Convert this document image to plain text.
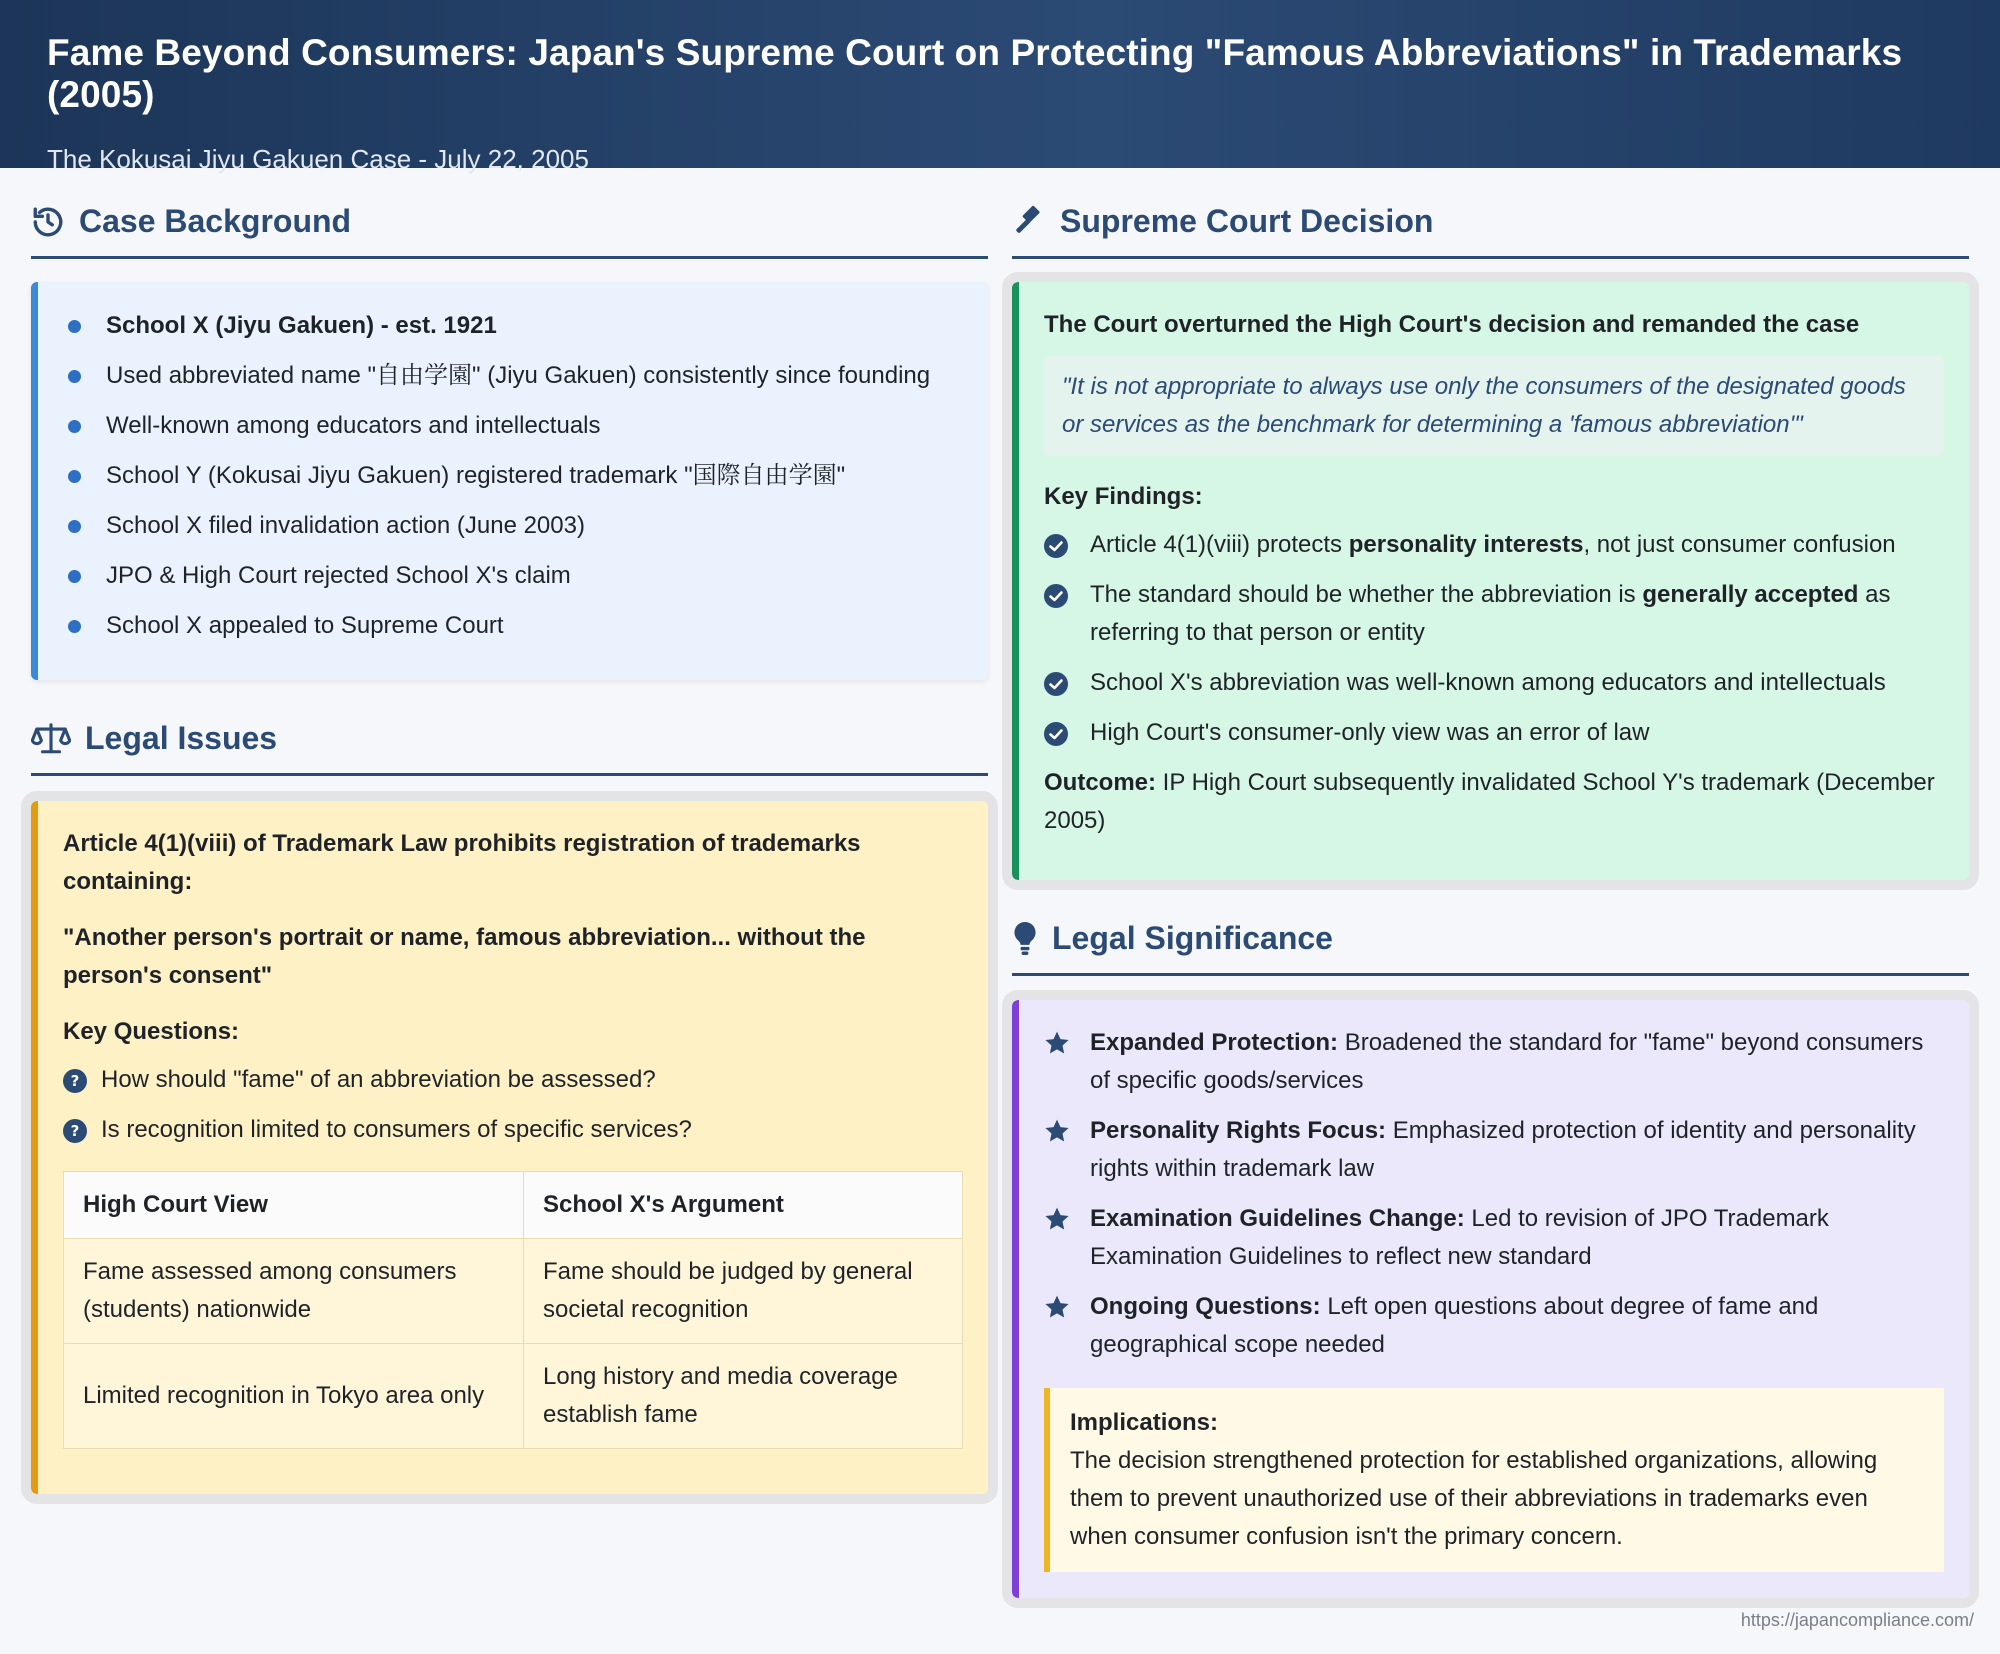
Fame Beyond Consumers: Japan's Supreme Court on Protecting "Famous Abbreviations" in Trademarks (2005)
The Kokusai Jiyu Gakuen Case - July 22, 2005
Case Background
School X (Jiyu Gakuen) - est. 1921
Used abbreviated name "自由学園" (Jiyu Gakuen) consistently since founding
Well-known among educators and intellectuals
School Y (Kokusai Jiyu Gakuen) registered trademark "国際自由学園"
School X filed invalidation action (June 2003)
JPO & High Court rejected School X's claim
School X appealed to Supreme Court
Legal Issues
Article 4(1)(viii) of Trademark Law prohibits registration of trademarks containing:
"Another person's portrait or name, famous abbreviation... without the person's consent"
Key Questions:
? How should "fame" of an abbreviation be assessed?
? Is recognition limited to consumers of specific services?
High Court View	School X's Argument
Fame assessed among consumers (students) nationwide	Fame should be judged by general societal recognition
Limited recognition in Tokyo area only	Long history and media coverage establish fame
Supreme Court Decision
The Court overturned the High Court's decision and remanded the case
"It is not appropriate to always use only the consumers of the designated goods or services as the benchmark for determining a 'famous abbreviation'"
Key Findings:
Article 4(1)(viii) protects personality interests, not just consumer confusion
The standard should be whether the abbreviation is generally accepted as referring to that person or entity
School X's abbreviation was well-known among educators and intellectuals
High Court's consumer-only view was an error of law
Outcome: IP High Court subsequently invalidated School Y's trademark (December 2005)
Legal Significance
Expanded Protection: Broadened the standard for "fame" beyond consumers of specific goods/services
Personality Rights Focus: Emphasized protection of identity and personality rights within trademark law
Examination Guidelines Change: Led to revision of JPO Trademark Examination Guidelines to reflect new standard
Ongoing Questions: Left open questions about degree of fame and geographical scope needed
Implications:
The decision strengthened protection for established organizations, allowing them to prevent unauthorized use of their abbreviations in trademarks even when consumer confusion isn't the primary concern.
https://japancompliance.com/
